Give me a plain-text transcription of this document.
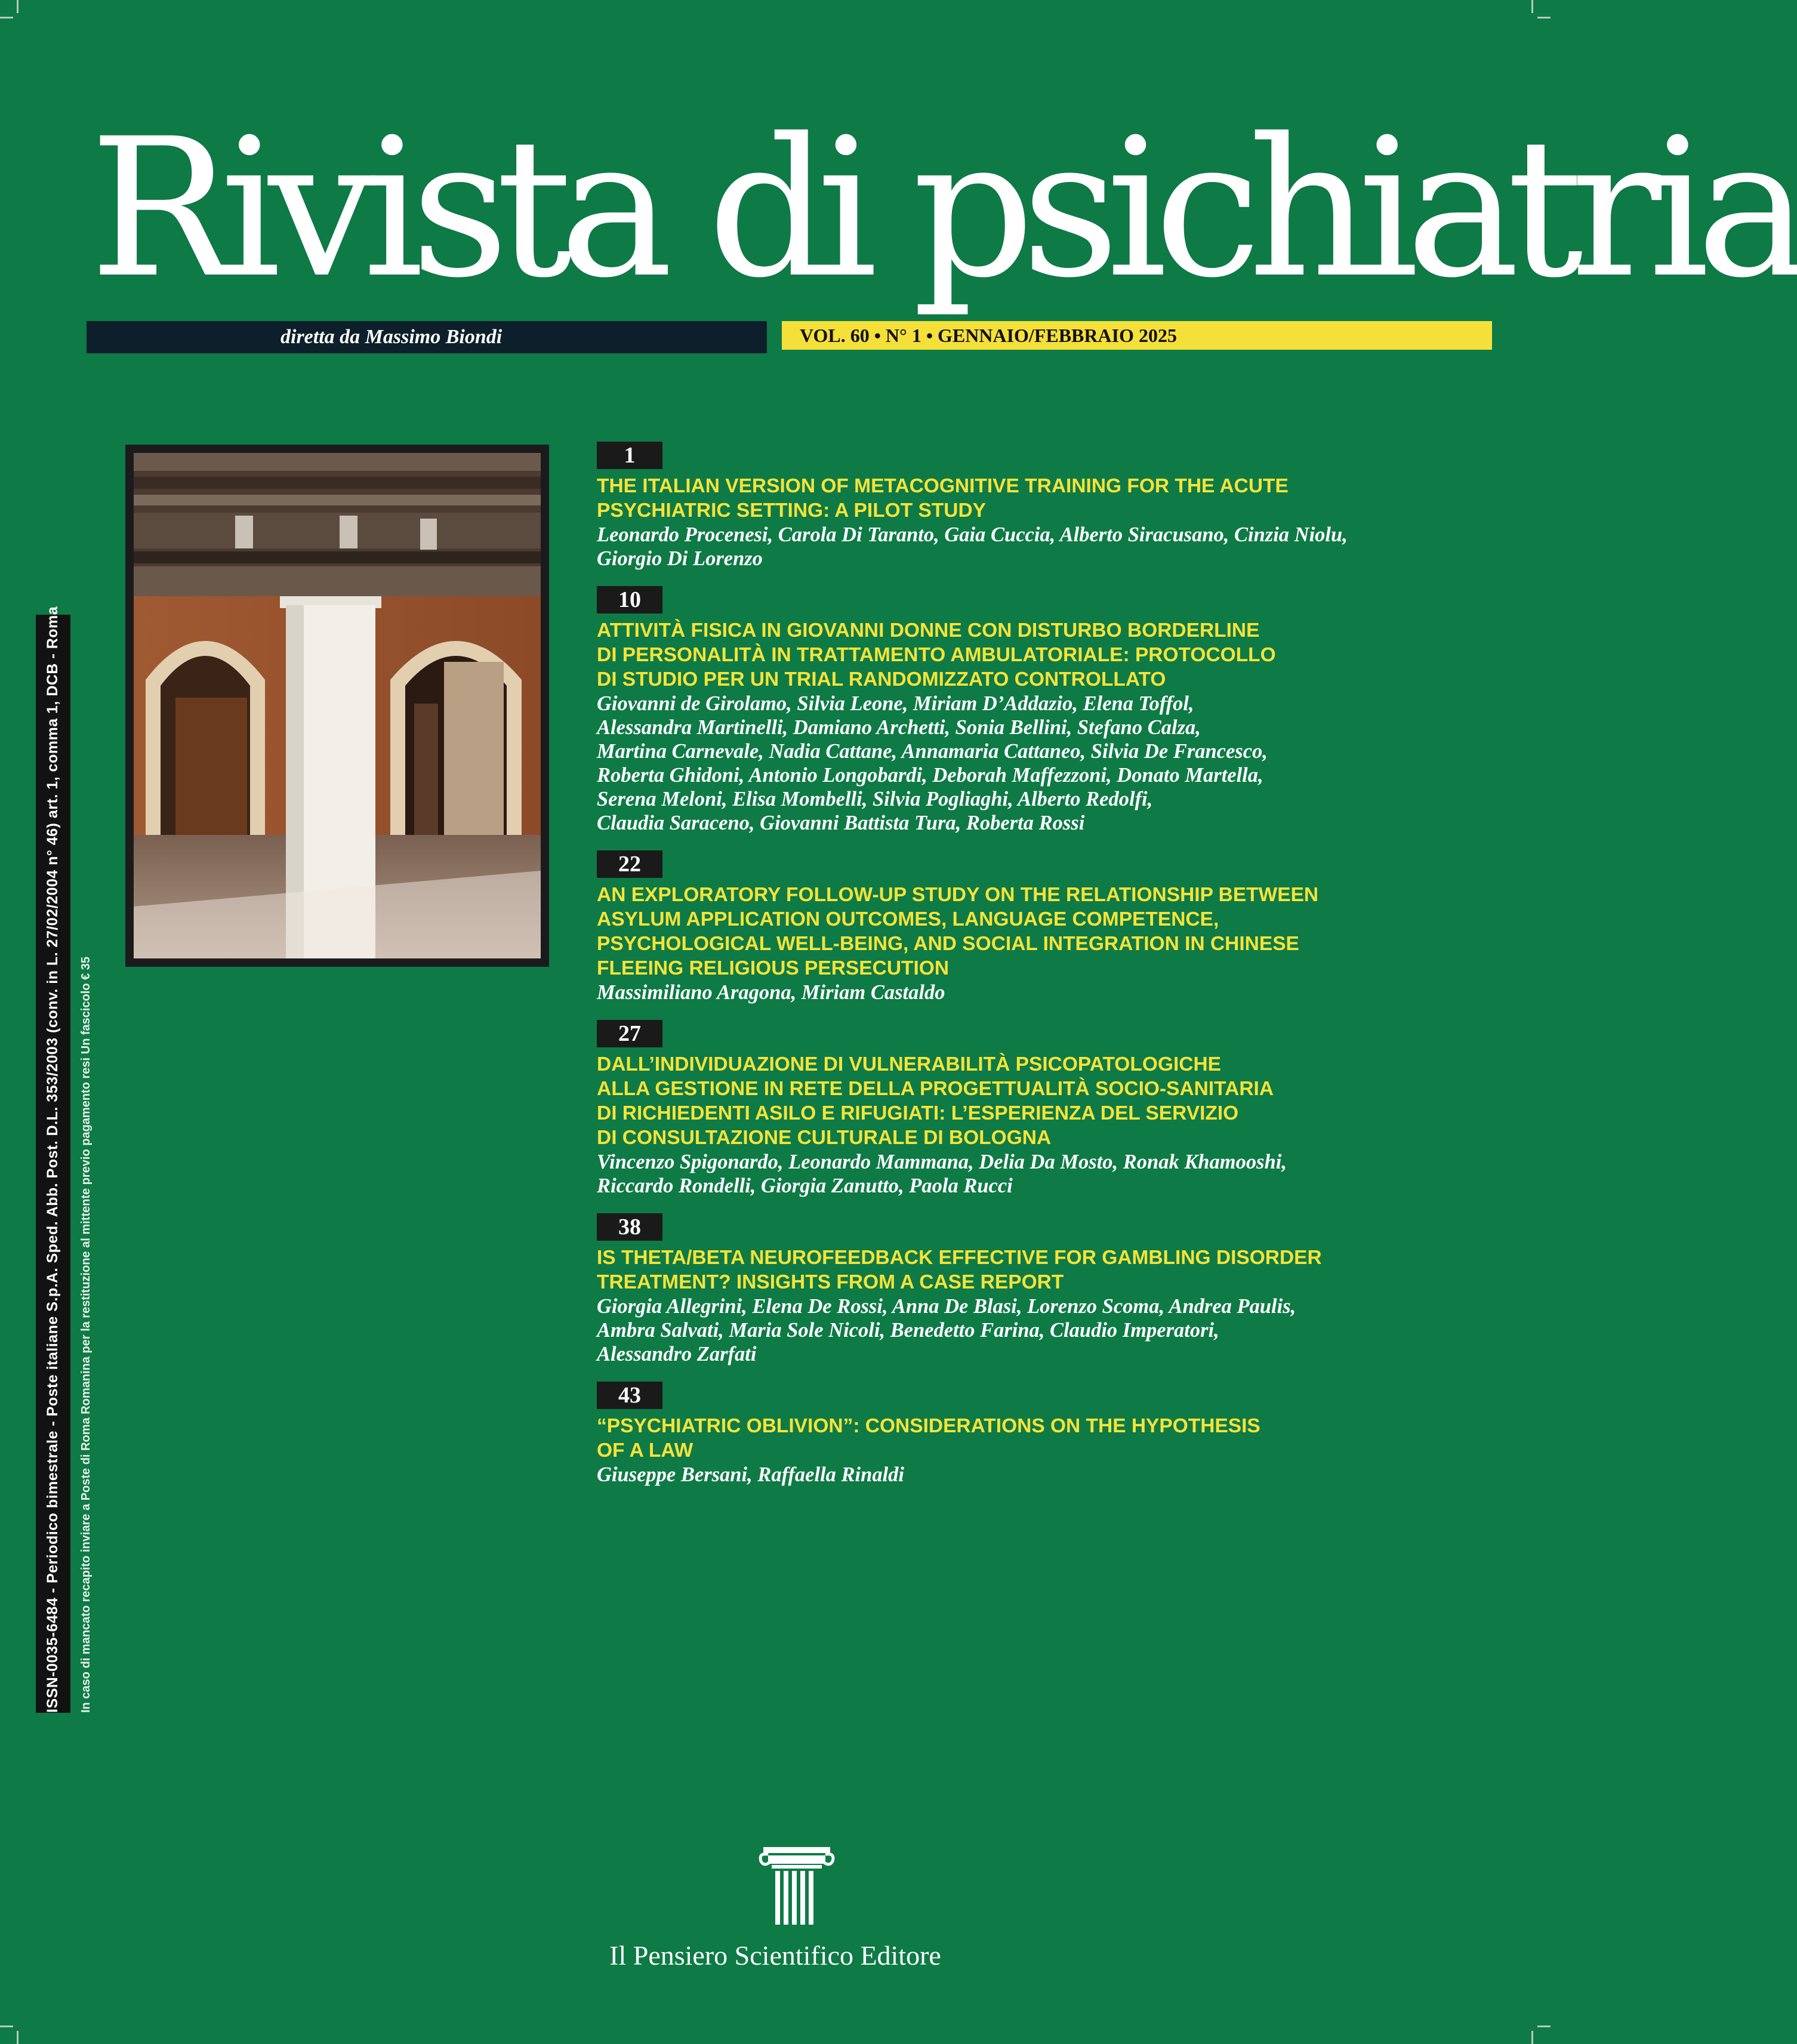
Rivista di psichiatria
diretta da Massimo Biondi	VOL. 60 • N° 1 • GENNAIO/FEBBRAIO 2025
ISSN-0035-6484 - Periodico bimestrale - Poste italiane S.p.A. Sped. Abb. Post. D.L. 353/2003 (conv. in L. 27/02/2004 n° 46) art. 1, comma 1, DCB - Roma In caso di mancato recapito inviare a Poste di Roma Romanina per la restituzione al mittente previo pagamento resi Un fascicolo € 35
1
THE ITALIAN VERSION OF METACOGNITIVE TRAINING FOR THE ACUTE
PSYCHIATRIC SETTING: A PILOT STUDY
Leonardo Procenesi, Carola Di Taranto, Gaia Cuccia, Alberto Siracusano, Cinzia Niolu,
Giorgio Di Lorenzo
10
ATTIVITÀ FISICA IN GIOVANNI DONNE CON DISTURBO BORDERLINE
DI PERSONALITÀ IN TRATTAMENTO AMBULATORIALE: PROTOCOLLO
DI STUDIO PER UN TRIAL RANDOMIZZATO CONTROLLATO
Giovanni de Girolamo, Silvia Leone, Miriam D’Addazio, Elena Toffol,
Alessandra Martinelli, Damiano Archetti, Sonia Bellini, Stefano Calza,
Martina Carnevale, Nadia Cattane, Annamaria Cattaneo, Silvia De Francesco,
Roberta Ghidoni, Antonio Longobardi, Deborah Maffezzoni, Donato Martella,
Serena Meloni, Elisa Mombelli, Silvia Pogliaghi, Alberto Redolfi,
Claudia Saraceno, Giovanni Battista Tura, Roberta Rossi
22
AN EXPLORATORY FOLLOW-UP STUDY ON THE RELATIONSHIP BETWEEN
ASYLUM APPLICATION OUTCOMES, LANGUAGE COMPETENCE,
PSYCHOLOGICAL WELL-BEING, AND SOCIAL INTEGRATION IN CHINESE
FLEEING RELIGIOUS PERSECUTION
Massimiliano Aragona, Miriam Castaldo
27
DALL’INDIVIDUAZIONE DI VULNERABILITÀ PSICOPATOLOGICHE
ALLA GESTIONE IN RETE DELLA PROGETTUALITÀ SOCIO-SANITARIA
DI RICHIEDENTI ASILO E RIFUGIATI: L’ESPERIENZA DEL SERVIZIO
DI CONSULTAZIONE CULTURALE DI BOLOGNA
Vincenzo Spigonardo, Leonardo Mammana, Delia Da Mosto, Ronak Khamooshi,
Riccardo Rondelli, Giorgia Zanutto, Paola Rucci
38
IS THETA/BETA NEUROFEEDBACK EFFECTIVE FOR GAMBLING DISORDER
TREATMENT? INSIGHTS FROM A CASE REPORT
Giorgia Allegrini, Elena De Rossi, Anna De Blasi, Lorenzo Scoma, Andrea Paulis,
Ambra Salvati, Maria Sole Nicoli, Benedetto Farina, Claudio Imperatori,
Alessandro Zarfati
43
“PSYCHIATRIC OBLIVION”: CONSIDERATIONS ON THE HYPOTHESIS
OF A LAW
Giuseppe Bersani, Raffaella Rinaldi
Il Pensiero Scientifico Editore
